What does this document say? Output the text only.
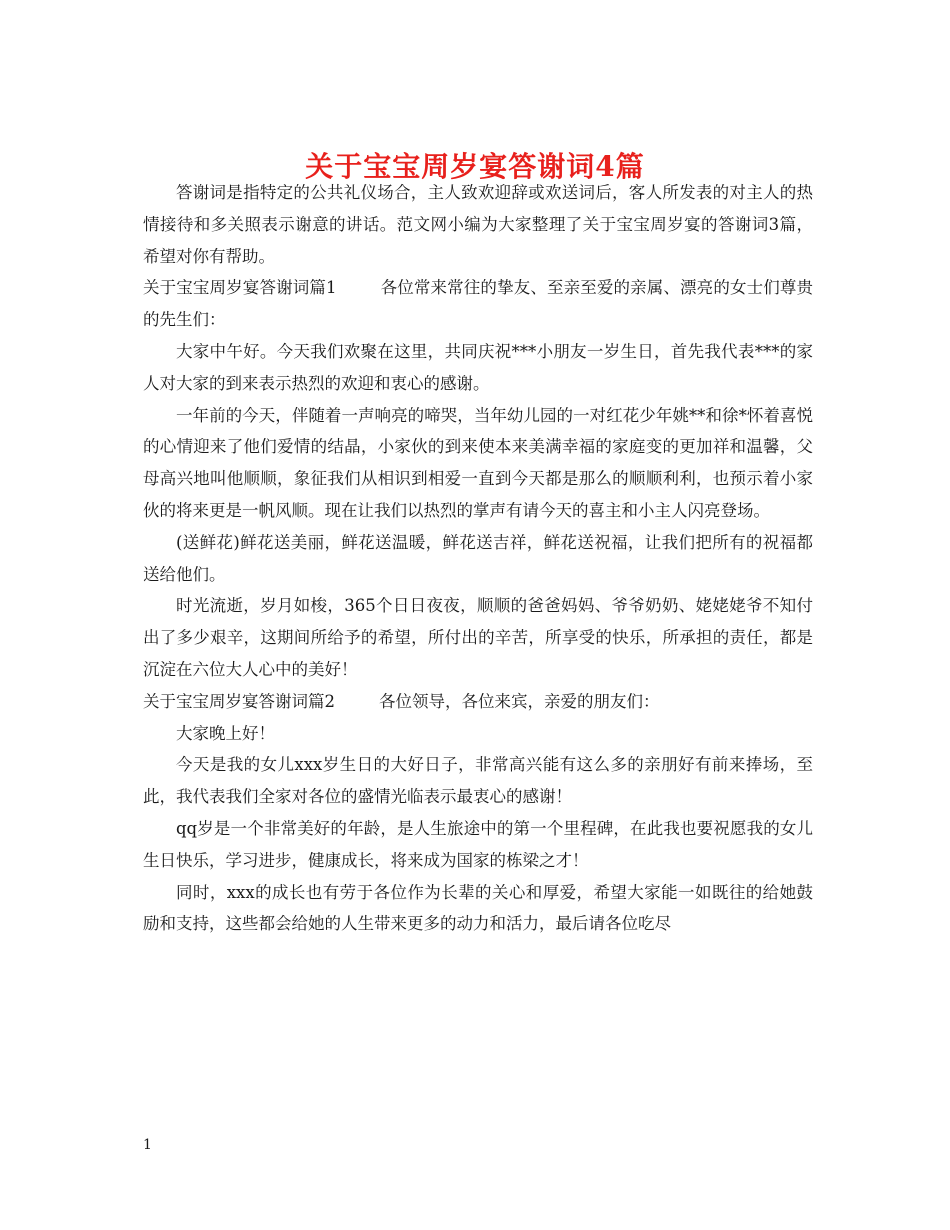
关于宝宝周岁宴答谢词4篇

答谢词是指特定的公共礼仪场合，主人致欢迎辞或欢送词后，客人所发表的对主人的热情接待和多关照表示谢意的讲话。范文网小编为大家整理了关于宝宝周岁宴的答谢词3篇，希望对你有帮助。

关于宝宝周岁宴答谢词篇1	各位常来常往的挚友、至亲至爱的亲属、漂亮的女士们尊贵的先生们：

大家中午好。今天我们欢聚在这里，共同庆祝***小朋友一岁生日，首先我代表***的家人对大家的到来表示热烈的欢迎和衷心的感谢。

一年前的今天，伴随着一声响亮的啼哭，当年幼儿园的一对红花少年姚**和徐*怀着喜悦的心情迎来了他们爱情的结晶，小家伙的到来使本来美满幸福的家庭变的更加祥和温馨，父母高兴地叫他顺顺，象征我们从相识到相爱一直到今天都是那么的顺顺利利，也预示着小家伙的将来更是一帆风顺。现在让我们以热烈的掌声有请今天的喜主和小主人闪亮登场。

(送鲜花)鲜花送美丽，鲜花送温暖，鲜花送吉祥，鲜花送祝福，让我们把所有的祝福都送给他们。

时光流逝，岁月如梭，365个日日夜夜，顺顺的爸爸妈妈、爷爷奶奶、姥姥姥爷不知付出了多少艰辛，这期间所给予的希望，所付出的辛苦，所享受的快乐，所承担的责任，都是沉淀在六位大人心中的美好！

关于宝宝周岁宴答谢词篇2	各位领导，各位来宾，亲爱的朋友们：

大家晚上好！

今天是我的女儿xxx岁生日的大好日子，非常高兴能有这么多的亲朋好有前来捧场，至此，我代表我们全家对各位的盛情光临表示最衷心的感谢！

qq岁是一个非常美好的年龄，是人生旅途中的第一个里程碑，在此我也要祝愿我的女儿生日快乐，学习进步，健康成长，将来成为国家的栋梁之才！

同时，xxx的成长也有劳于各位作为长辈的关心和厚爱，希望大家能一如既往的给她鼓励和支持，这些都会给她的人生带来更多的动力和活力，最后请各位吃尽

1
